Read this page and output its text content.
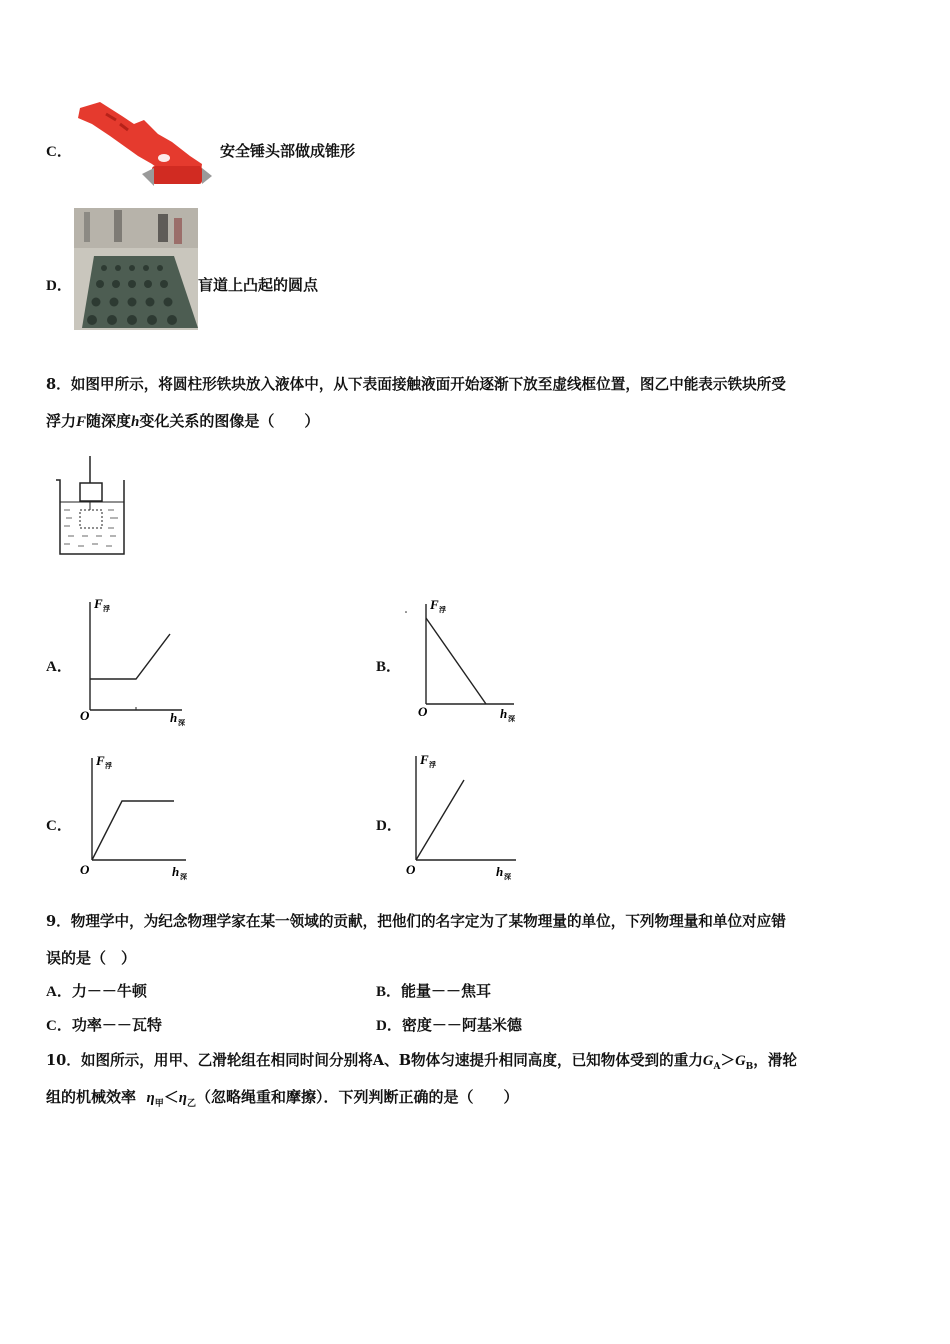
C．	安全锤头部做成锥形
D．	盲道上凸起的圆点
8．如图甲所示，将圆柱形铁块放入液体中，从下表面接触液面开始逐渐下放至虚线框位置，图乙中能表示铁块所受
浮力F随深度h变化关系的图像是（　　）
A．
F 浮
O	h 深
B．
F 浮
O	h 深
C．
F 浮
O	h 深
D．
F 浮
O	h 深
9．物理学中，为纪念物理学家在某一领域的贡献，把他们的名字定为了某物理量的单位，下列物理量和单位对应错
误的是（　）
A．力－－牛顿	B．能量－－焦耳
C．功率－－瓦特	D．密度－－阿基米德
10．如图所示，用甲、乙滑轮组在相同时间分别将A、B物体匀速提升相同高度，已知物体受到的重力$G_A>G_B$，滑轮
组的机械效率 $\eta_甲<\eta_乙$（忽略绳重和摩擦）．下列判断正确的是（　　）
